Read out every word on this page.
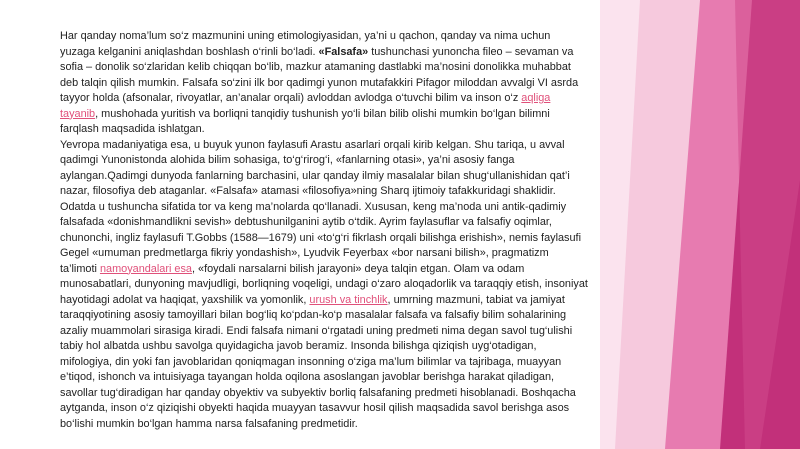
Har qanday noma’lum so‘z mazmunini uning etimologiyasidan, ya’ni u qachon, qanday va nima uchun yuzaga kelganini aniqlashdan boshlash o‘rinli bo‘ladi. «Falsafa» tushunchasi yunoncha fileo – sevaman va sofia – donolik so‘zlaridan kelib chiqqan bo‘lib, mazkur atamaning dastlabki ma’nosini donolikka muhabbat deb talqin qilish mumkin. Falsafa so‘zini ilk bor qadimgi yunon mutafakkiri Pifagor miloddan avvalgi VI asrda tayyor holda (afsonalar, rivoyatlar, an’analar orqali) avloddan avlodga o‘tuvchi bilim va inson o‘z aqliga tayanib, mushohada yuritish va borliqni tanqidiy tushunish yo‘li bilan bilib olishi mumkin bo‘lgan bilimni farqlash maqsadida ishlatgan.

Yevropa madaniyatiga esa, u buyuk yunon faylasufi Arastu asarlari orqali kirib kelgan. Shu tariqa, u avval qadimgi Yunonistonda alohida bilim sohasiga, to‘g‘rirog‘i, «fanlarning otasi», ya’ni asosiy fanga aylangan.Qadimgi dunyoda fanlarning barchasini, ular qanday ilmiy masalalar bilan shug‘ullanishidan qat’i nazar, filosofiya deb ataganlar. «Falsafa» atamasi «filosofiya»ning Sharq ijtimoiy tafakkuridagi shaklidir. Odatda u tushuncha sifatida tor va keng ma’nolarda qo‘llanadi. Xususan, keng ma’noda uni antik-qadimiy falsafada «donishmandlikni sevish» debtushunilganini aytib o‘tdik. Ayrim faylasuflar va falsafiy oqimlar, chunonchi, ingliz faylasufi T.Gobbs (1588—1679) uni «to‘g‘ri fikrlash orqali bilishga erishish», nemis faylasufi Gegel «umuman predmetlarga fikriy yondashish», Lyudvik Feyerbax «bor narsani bilish», pragmatizm ta’limoti namoyandalari esa, «foydali narsalarni bilish jarayoni» deya talqin etgan. Olam va odam munosabatlari, dunyoning mavjudligi, borliqning voqeligi, undagi o‘zaro aloqadorlik va taraqqiy etish, insoniyat hayotidagi adolat va haqiqat, yaxshilik va yomonlik, urush va tinchlik, umrning mazmuni, tabiat va jamiyat taraqqiyotining asosiy tamoyillari bilan bog‘liq ko‘pdan-ko‘p masalalar falsafa va falsafiy bilim sohalarining azaliy muammolari sirasiga kiradi. Endi falsafa nimani o‘rgatadi uning predmeti nima degan savol tug‘ulishi tabiy hol albatda ushbu savolga quyidagicha javob beramiz. Insonda bilishga qiziqish uyg‘otadigan, mifologiya, din yoki fan javoblaridan qoniqmagan insonning o‘ziga ma’lum bilimlar va tajribaga, muayyan e’tiqod, ishonch va intuisiyaga tayangan holda oqilona asoslangan javoblar berishga harakat qiladigan, savollar tug‘diradigan har qanday obyektiv va subyektiv borliq falsafaning predmeti hisoblanadi. Boshqacha aytganda, inson o‘z qiziqishi obyekti haqida muayyan tasavvur hosil qilish maqsadida savol berishga asos bo‘lishi mumkin bo‘lgan hamma narsa falsafaning predmetidir.
